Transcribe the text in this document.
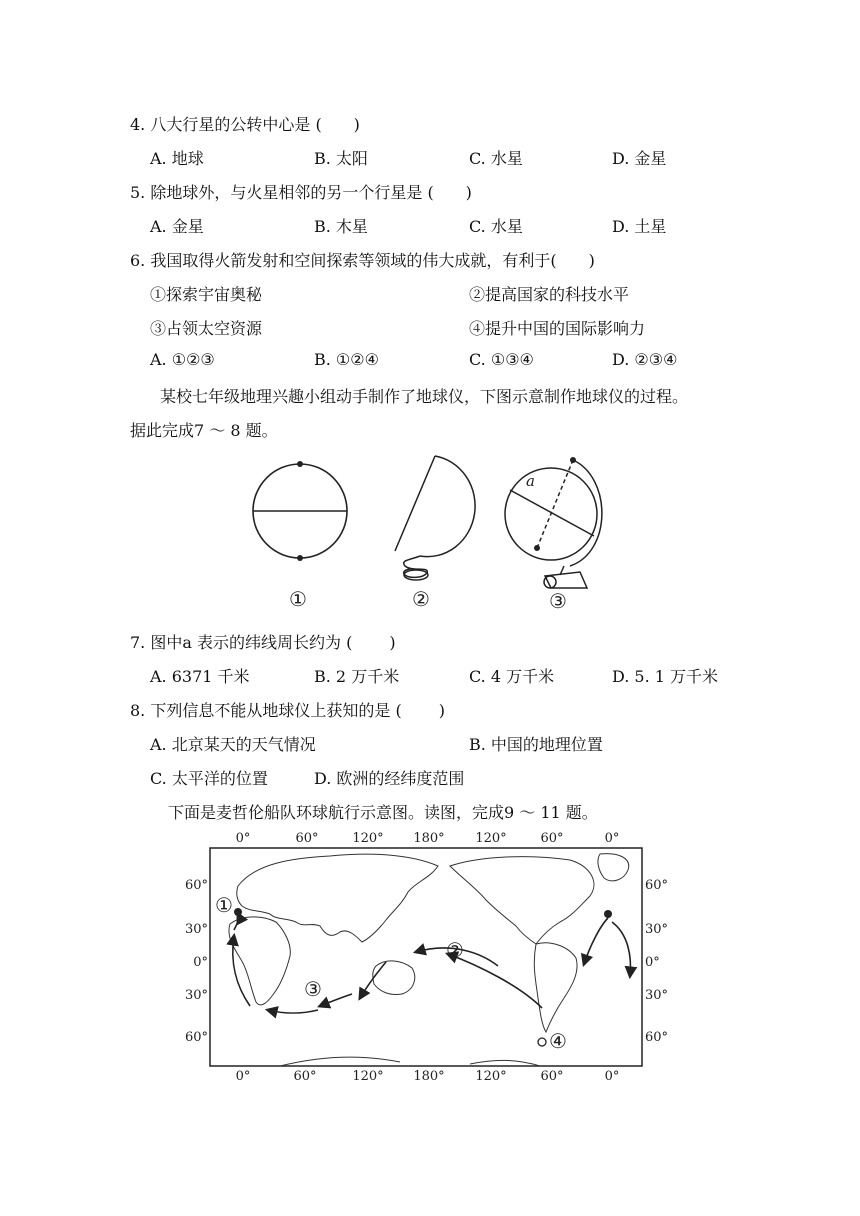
4. 八大行星的公转中心是 (　　)
A. 地球	B. 太阳	C. 水星	D. 金星
5. 除地球外，与火星相邻的另一个行星是 (　　)
A. 金星	B. 木星	C. 水星	D. 土星
6. 我国取得火箭发射和空间探索等领域的伟大成就，有利于(　　)
①探索宇宙奥秘	②提高国家的科技水平
③占领太空资源	④提升中国的国际影响力
A. ①②③	B. ①②④	C. ①③④	D. ②③④
某校七年级地理兴趣小组动手制作了地球仪，下图示意制作地球仪的过程。
据此完成7 ～ 8 题。
a
①	②	③
7. 图中a 表示的纬线周长约为 (　　 )
A. 6371 千米	B. 2 万千米	C. 4 万千米	D. 5. 1 万千米
8. 下列信息不能从地球仪上获知的是 (　　 )
A. 北京某天的天气情况	B. 中国的地理位置
C. 太平洋的位置	D. 欧洲的经纬度范围
下面是麦哲伦船队环球航行示意图。读图，完成9 ～ 11 题。
0°	60°	120° 180° 120°	60°	0°
0°	60°	120° 180° 120°	60°	0°
60°
30°
0°
30°
60°
60°
30°
0°
30°
60°
①
②
③
④
